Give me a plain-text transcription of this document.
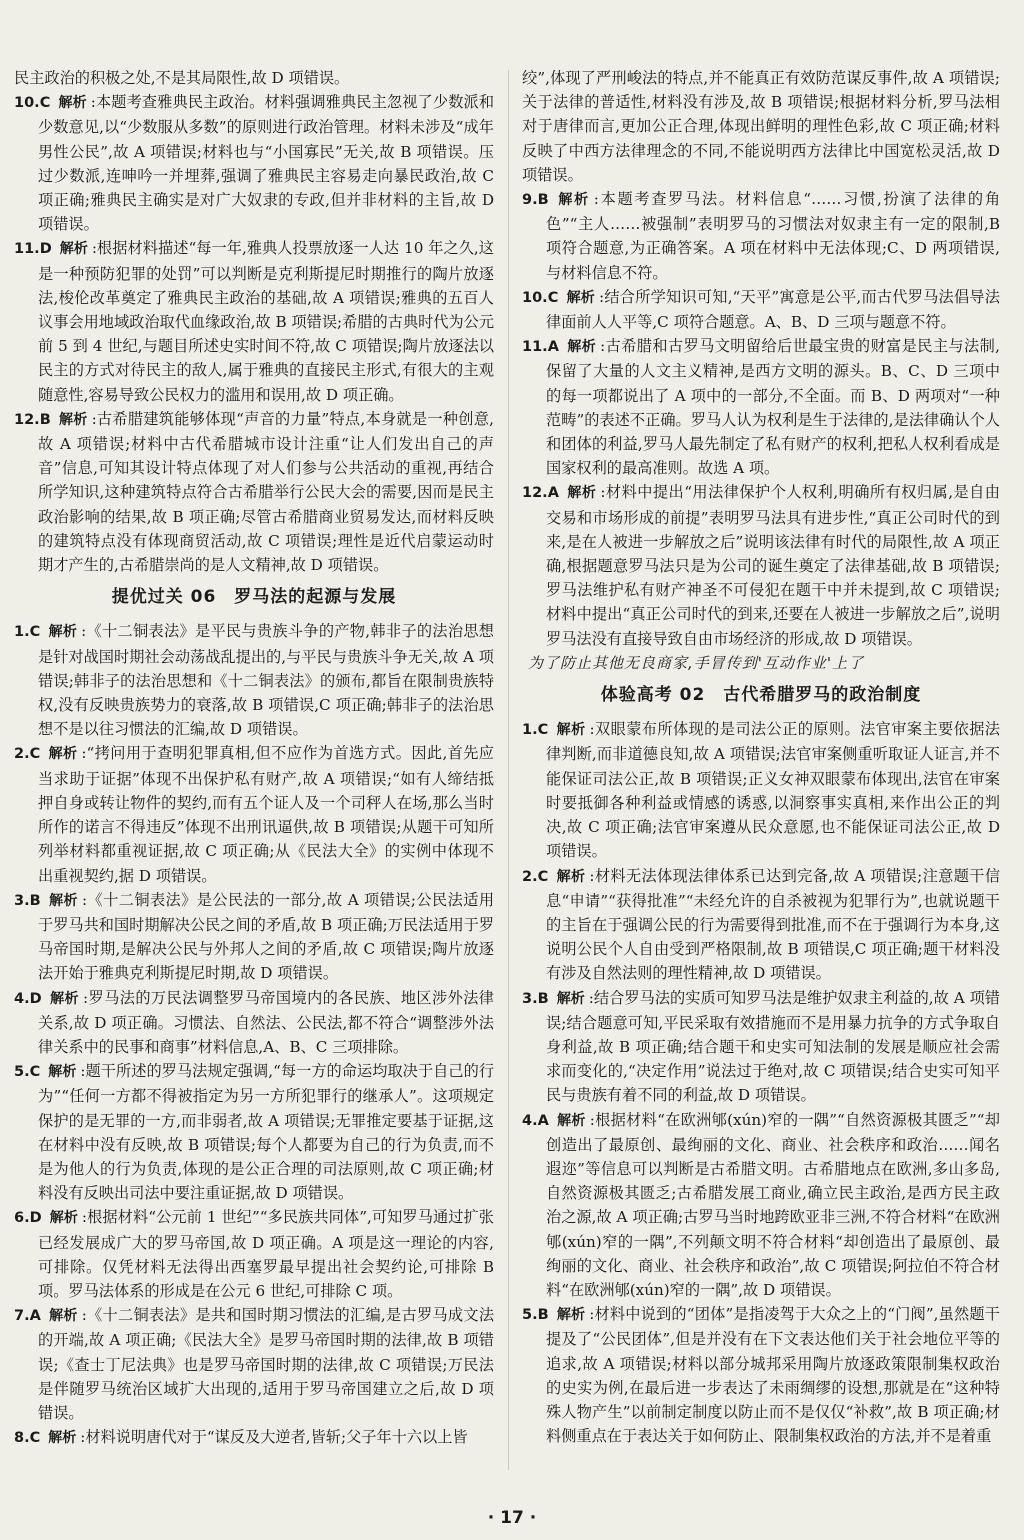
民主政治的积极之处,不是其局限性,故 D 项错误。
10.C 解析 :本题考查雅典民主政治。材料强调雅典民主忽视了少数派和少数意见,以“少数服从多数”的原则进行政治管理。材料未涉及“成年男性公民”,故 A 项错误;材料也与“小国寡民”无关,故 B 项错误。压过少数派,连呻吟一并埋葬,强调了雅典民主容易走向暴民政治,故 C 项正确;雅典民主确实是对广大奴隶的专政,但并非材料的主旨,故 D 项错误。
11.D 解析 :根据材料描述“每一年,雅典人投票放逐一人达 10 年之久,这是一种预防犯罪的处罚”可以判断是克利斯提尼时期推行的陶片放逐法,梭伦改革奠定了雅典民主政治的基础,故 A 项错误;雅典的五百人议事会用地域政治取代血缘政治,故 B 项错误;希腊的古典时代为公元前 5 到 4 世纪,与题目所述史实时间不符,故 C 项错误;陶片放逐法以民主的方式对待民主的敌人,属于雅典的直接民主形式,有很大的主观随意性,容易导致公民权力的滥用和误用,故 D 项正确。
12.B 解析 :古希腊建筑能够体现“声音的力量”特点,本身就是一种创意,故 A 项错误;材料中古代希腊城市设计注重“让人们发出自己的声音”信息,可知其设计特点体现了对人们参与公共活动的重视,再结合所学知识,这种建筑特点符合古希腊举行公民大会的需要,因而是民主政治影响的结果,故 B 项正确;尽管古希腊商业贸易发达,而材料反映的建筑特点没有体现商贸活动,故 C 项错误;理性是近代启蒙运动时期才产生的,古希腊崇尚的是人文精神,故 D 项错误。
提优过关 06　罗马法的起源与发展
1.C 解析 :《十二铜表法》是平民与贵族斗争的产物,韩非子的法治思想是针对战国时期社会动荡战乱提出的,与平民与贵族斗争无关,故 A 项错误;韩非子的法治思想和《十二铜表法》的颁布,都旨在限制贵族特权,没有反映贵族势力的衰落,故 B 项错误,C 项正确;韩非子的法治思想不是以往习惯法的汇编,故 D 项错误。
2.C 解析 :“拷问用于查明犯罪真相,但不应作为首选方式。因此,首先应当求助于证据”体现不出保护私有财产,故 A 项错误;“如有人缔结抵押自身或转让物件的契约,而有五个证人及一个司秤人在场,那么当时所作的诺言不得违反”体现不出刑讯逼供,故 B 项错误;从题干可知所列举材料都重视证据,故 C 项正确;从《民法大全》的实例中体现不出重视契约,据 D 项错误。
3.B 解析 :《十二铜表法》是公民法的一部分,故 A 项错误;公民法适用于罗马共和国时期解决公民之间的矛盾,故 B 项正确;万民法适用于罗马帝国时期,是解决公民与外邦人之间的矛盾,故 C 项错误;陶片放逐法开始于雅典克利斯提尼时期,故 D 项错误。
4.D 解析 :罗马法的万民法调整罗马帝国境内的各民族、地区涉外法律关系,故 D 项正确。习惯法、自然法、公民法,都不符合“调整涉外法律关系中的民事和商事”材料信息,A、B、C 三项排除。
5.C 解析 :题干所述的罗马法规定强调,“每一方的命运均取决于自己的行为”“任何一方都不得被指定为另一方所犯罪行的继承人”。这项规定保护的是无罪的一方,而非弱者,故 A 项错误;无罪推定要基于证据,这在材料中没有反映,故 B 项错误;每个人都要为自己的行为负责,而不是为他人的行为负责,体现的是公正合理的司法原则,故 C 项正确;材料没有反映出司法中要注重证据,故 D 项错误。
6.D 解析 :根据材料“公元前 1 世纪”“多民族共同体”,可知罗马通过扩张已经发展成广大的罗马帝国,故 D 项正确。A 项是这一理论的内容,可排除。仅凭材料无法得出西塞罗最早提出社会契约论,可排除 B 项。罗马法体系的形成是在公元 6 世纪,可排除 C 项。
7.A 解析 :《十二铜表法》是共和国时期习惯法的汇编,是古罗马成文法的开端,故 A 项正确;《民法大全》是罗马帝国时期的法律,故 B 项错误;《查士丁尼法典》也是罗马帝国时期的法律,故 C 项错误;万民法是伴随罗马统治区域扩大出现的,适用于罗马帝国建立之后,故 D 项错误。
8.C 解析 :材料说明唐代对于“谋反及大逆者,皆斩;父子年十六以上皆
绞”,体现了严刑峻法的特点,并不能真正有效防范谋反事件,故 A 项错误;关于法律的普适性,材料没有涉及,故 B 项错误;根据材料分析,罗马法相对于唐律而言,更加公正合理,体现出鲜明的理性色彩,故 C 项正确;材料反映了中西方法律理念的不同,不能说明西方法律比中国宽松灵活,故 D 项错误。
9.B 解析 :本题考查罗马法。材料信息“……习惯,扮演了法律的角色”“主人……被强制”表明罗马的习惯法对奴隶主有一定的限制,B 项符合题意,为正确答案。A 项在材料中无法体现;C、D 两项错误,与材料信息不符。
10.C 解析 :结合所学知识可知,“天平”寓意是公平,而古代罗马法倡导法律面前人人平等,C 项符合题意。A、B、D 三项与题意不符。
11.A 解析 :古希腊和古罗马文明留给后世最宝贵的财富是民主与法制,保留了大量的人文主义精神,是西方文明的源头。B、C、D 三项中的每一项都说出了 A 项中的一部分,不全面。而 B、D 两项对“一种范畴”的表述不正确。罗马人认为权利是生于法律的,是法律确认个人和团体的利益,罗马人最先制定了私有财产的权利,把私人权利看成是国家权利的最高准则。故选 A 项。
12.A 解析 :材料中提出“用法律保护个人权利,明确所有权归属,是自由交易和市场形成的前提”表明罗马法具有进步性,“真正公司时代的到来,是在人被进一步解放之后”说明该法律有时代的局限性,故 A 项正确,根据题意罗马法只是为公司的诞生奠定了法律基础,故 B 项错误;罗马法维护私有财产神圣不可侵犯在题干中并未提到,故 C 项错误;材料中提出“真正公司时代的到来,还要在人被进一步解放之后”,说明罗马法没有直接导致自由市场经济的形成,故 D 项错误。
为了防止其他无良商家,手冒传到'互动作业'上了
体验高考 02　古代希腊罗马的政治制度
1.C 解析 :双眼蒙布所体现的是司法公正的原则。法官审案主要依据法律判断,而非道德良知,故 A 项错误;法官审案侧重听取证人证言,并不能保证司法公正,故 B 项错误;正义女神双眼蒙布体现出,法官在审案时要抵御各种利益或情感的诱惑,以洞察事实真相,来作出公正的判决,故 C 项正确;法官审案遵从民众意愿,也不能保证司法公正,故 D 项错误。
2.C 解析 :材料无法体现法律体系已达到完备,故 A 项错误;注意题干信息“申请”“获得批准”“未经允许的自杀被视为犯罪行为”,也就说题干的主旨在于强调公民的行为需要得到批准,而不在于强调行为本身,这说明公民个人自由受到严格限制,故 B 项错误,C 项正确;题干材料没有涉及自然法则的理性精神,故 D 项错误。
3.B 解析 :结合罗马法的实质可知罗马法是维护奴隶主利益的,故 A 项错误;结合题意可知,平民采取有效措施而不是用暴力抗争的方式争取自身利益,故 B 项正确;结合题干和史实可知法制的发展是顺应社会需求而变化的,“决定作用”说法过于绝对,故 C 项错误;结合史实可知平民与贵族有着不同的利益,故 D 项错误。
4.A 解析 :根据材料“在欧洲郇(xún)窄的一隅”“自然资源极其匮乏”“却创造出了最原创、最绚丽的文化、商业、社会秩序和政治……闻名遐迩”等信息可以判断是古希腊文明。古希腊地点在欧洲,多山多岛,自然资源极其匮乏;古希腊发展工商业,确立民主政治,是西方民主政治之源,故 A 项正确;古罗马当时地跨欧亚非三洲,不符合材料“在欧洲郇(xún)窄的一隅”,不列颠文明不符合材料“却创造出了最原创、最绚丽的文化、商业、社会秩序和政治”,故 C 项错误;阿拉伯不符合材料“在欧洲郇(xún)窄的一隅”,故 D 项错误。
5.B 解析 :材料中说到的“团体”是指凌驾于大众之上的“门阀”,虽然题干提及了“公民团体”,但是并没有在下文表达他们关于社会地位平等的追求,故 A 项错误;材料以部分城邦采用陶片放逐政策限制集权政治的史实为例,在最后进一步表达了未雨绸缪的设想,那就是在“这种特殊人物产生”以前制定制度以防止而不是仅仅“补救”,故 B 项正确;材料侧重点在于表达关于如何防止、限制集权政治的方法,并不是着重
· 17 ·
